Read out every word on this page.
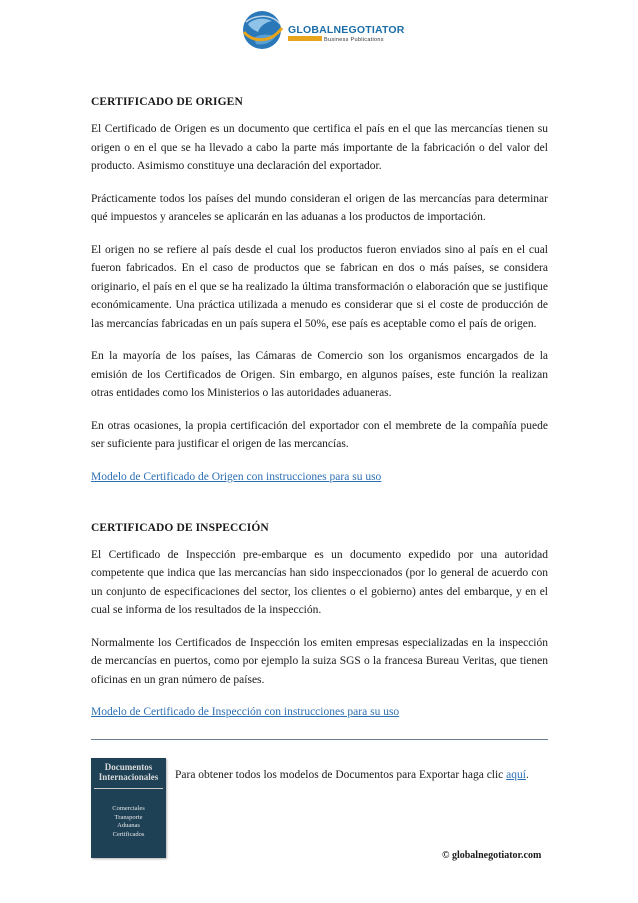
GLOBALNEGOTIATOR
Business Publications
CERTIFICADO DE ORIGEN

El Certificado de Origen es un documento que certifica el país en el que las mercancías tienen su origen o en el que se ha llevado a cabo la parte más importante de la fabricación o del valor del producto. Asimismo constituye una declaración del exportador.

Prácticamente todos los países del mundo consideran el origen de las mercancías para determinar qué impuestos y aranceles se aplicarán en las aduanas a los productos de importación.

El origen no se refiere al país desde el cual los productos fueron enviados sino al país en el cual fueron fabricados. En el caso de productos que se fabrican en dos o más países, se considera originario, el país en el que se ha realizado la última transformación o elaboración que se justifique económicamente. Una práctica utilizada a menudo es considerar que si el coste de producción de las mercancías fabricadas en un país supera el 50%, ese país es aceptable como el país de origen.

En la mayoría de los países, las Cámaras de Comercio son los organismos encargados de la emisión de los Certificados de Origen. Sin embargo, en algunos países, este función la realizan otras entidades como los Ministerios o las autoridades aduaneras.

En otras ocasiones, la propia certificación del exportador con el membrete de la compañía puede ser suficiente para justificar el origen de las mercancías.

Modelo de Certificado de Origen con instrucciones para su uso
CERTIFICADO DE INSPECCIÓN

El Certificado de Inspección pre-embarque es un documento expedido por una autoridad competente que indica que las mercancías han sido inspeccionados (por lo general de acuerdo con un conjunto de especificaciones del sector, los clientes o el gobierno) antes del embarque, y en el cual se informa de los resultados de la inspección.

Normalmente los Certificados de Inspección los emiten empresas especializadas en la inspección de mercancías en puertos, como por ejemplo la suiza SGS o la francesa Bureau Veritas, que tienen oficinas en un gran número de países.

Modelo de Certificado de Inspección con instrucciones para su uso
Documentos
Internacionales
Comerciales
Transporte
Aduanas
Certificados
Para obtener todos los modelos de Documentos para Exportar haga clic aquí.
© globalnegotiator.com
